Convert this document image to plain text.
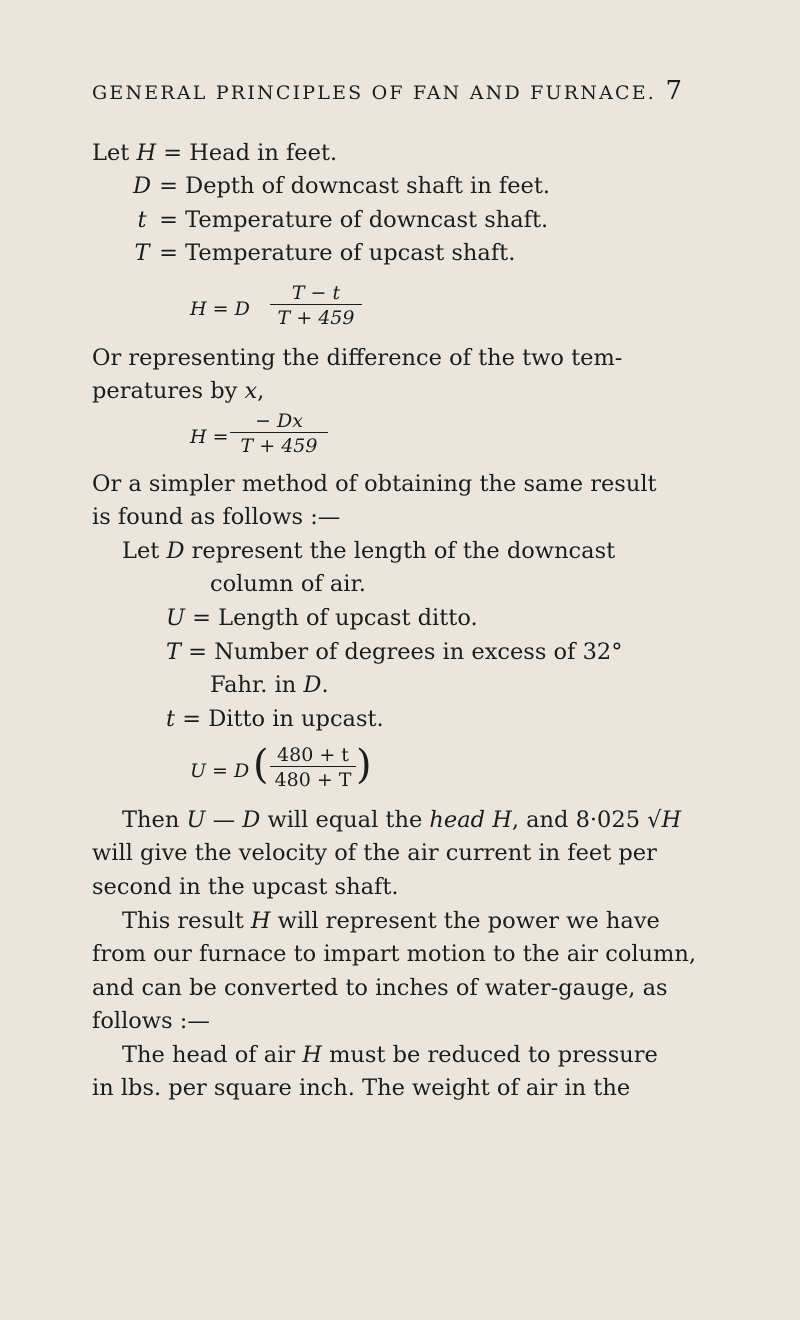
GENERAL PRINCIPLES OF FAN AND FURNACE. 7
Let H = Head in feet.
D = Depth of downcast shaft in feet.
t = Temperature of downcast shaft.
T = Temperature of upcast shaft.
H = D $\frac{T - t}{T + 459}$
Or representing the difference of the two tem-
peratures by x,
$H = \frac{- Dx}{T + 459}$
Or a simpler method of obtaining the same result
is found as follows :—
Let D represent the length of the downcast
column of air.
U = Length of upcast ditto.
T = Number of degrees in excess of 32°
Fahr. in D.
t = Ditto in upcast.
U = D ( $\frac{480 + t}{480 + T}$ )
Then U — D will equal the head H, and 8·025 √H
will give the velocity of the air current in feet per
second in the upcast shaft.
This result H will represent the power we have
from our furnace to impart motion to the air column,
and can be converted to inches of water-gauge, as
follows :—
The head of air H must be reduced to pressure
in lbs. per square inch. The weight of air in the
